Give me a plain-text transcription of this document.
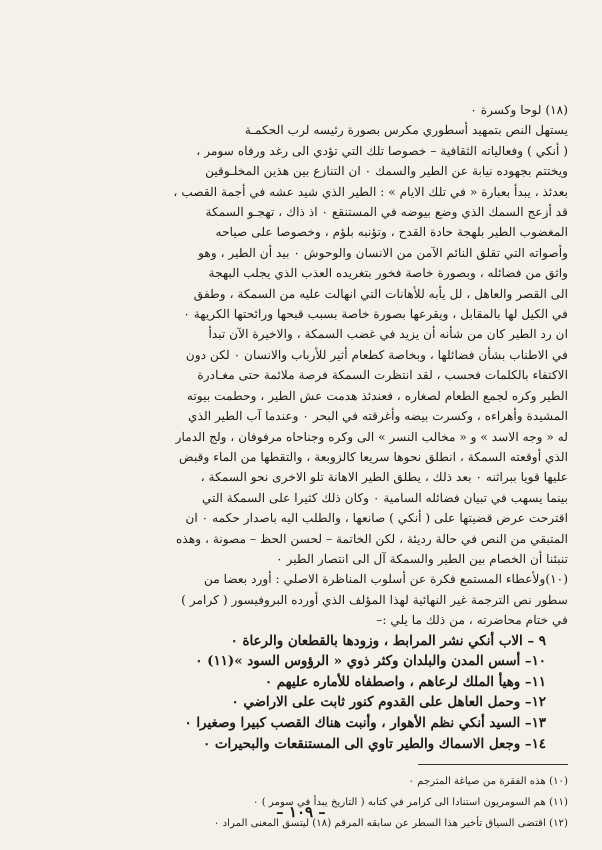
(١٨) لوحا وكسرة ٠

يستهل النص بتمهيد أسطوري مكرس بصورة رئيسه لرب الحكمـة
( أنكي ) وفعالياته الثقافية – خصوصا تلك التي تؤدي الى رغد ورفاه سومر ،
ويختتم بجهوده نيابة عن الطير والسمك ٠ ان التنازع بين هذين المخلـوقين
بعدئذ ، يبدأ بعبارة « في تلك الايام » : الطير الذي شيد عشه في أجمة القصب ،
قد أزعج السمك الذي وضع بيوضه في المستنقع ٠ اذ ذاك ، تهجـو السمكة
المغضوب الطير بلهجة حادة القدح ، وتؤنبه بلؤم ، وخصوصا على صياحه
وأصواته التي تقلق النائم الآمن من الانسان والوحوش ٠ بيد أن الطير ، وهو
واثق من فضائله ، وبصورة خاصة فخور بتغريده العذب الذي يجلب البهجة
الى القصر والعاهل ، لل يأبه للأهانات التي انهالت عليه من السمكة ، وطفق
في الكيل لها بالمقابل ، ويقرعها بصورة خاصة بسبب قبحها ورائحتها الكريهة ٠

ان رد الطير كان من شأنه أن يزيد في غضب السمكة ، والاخيرة الآن تبدأ
في الاطناب بشأن فضائلها ، وبخاصة كطعام أثير للأرباب والانسان ٠ لكن دون
الاكتفاء بالكلمات فحسب ، لقد انتظرت السمكة فرصة ملائمة حتى مغـادرة
الطير وكره لجمع الطعام لصغاره ، فعندئذ هدمت عش الطير ، وحطمت بيوته
المشيدة وأهراءه ، وكسرت بيضه وأغرقته في البحر ٠ وعندما آب الطير الذي
له « وجه الاسد » و « مخالب النسر » الى وكره وجناحاه مرفوفان ، ولج الدمار
الذي أوقعته السمكة ، انطلق نحوها سريعا كالزوبعة ، والتقطها من الماء وقبض
عليها قويا ببراثنه ٠ بعد ذلك ، يطلق الطير الاهانة تلو الاخرى نحو السمكة ،
بينما يسهب في تبيان فضائله السامية ٠ وكان ذلك كثيرا على السمكة التي
اقترحت عرض قضيتها على ( أنكي ) صانعها ، والطلب اليه باصدار حكمه ٠ ان
المتبقي من النص في حالة رديئة ، لكن الخاتمة – لحسن الحظ – مصونة ، وهذه
تنبئنا أن الخصام بين الطير والسمكة آل الى انتصار الطير ٠

(١٠)ولأعطاء المستمع فكرة عن أسلوب المناظرة الاصلي : أورد بعضا من
سطور نص الترجمة غير النهائية لهذا المؤلف الذي أورده البروفيسور ( كرامر )
في ختام محاضرته ، من ذلك ما يلي :–

٩ – الاب أنكي نشر المرابط ، وزودها بالقطعان والرعاة ٠
١٠– أسس المدن والبلدان وكثر ذوي « الرؤوس السود »(١١) ٠
١١– وهيأ الملك لرعاهم ، واصطفاه للأماره عليهم ٠
١٢– وحمل العاهل على القدوم كنور ثابت على الاراضي ٠
١٣– السيد أنكي نظم الأهوار ، وأنبت هناك القصب كبيرا وصغيرا ٠
١٤– وجعل الاسماك والطير تاوي الى المستنقعات والبحيرات ٠

(١٠) هذه الفقرة من صياغة المترجم ٠

(١١) هم السومريون استنادا الى كرامر في كتابه ( التاريخ يبدأ في سومر ) ٠

(١٢) اقتضى السياق تأخير هذا السطر عن سابقه المرقم (١٨) ليتسق المعنى المراد ٠

– ١٠٩ –
